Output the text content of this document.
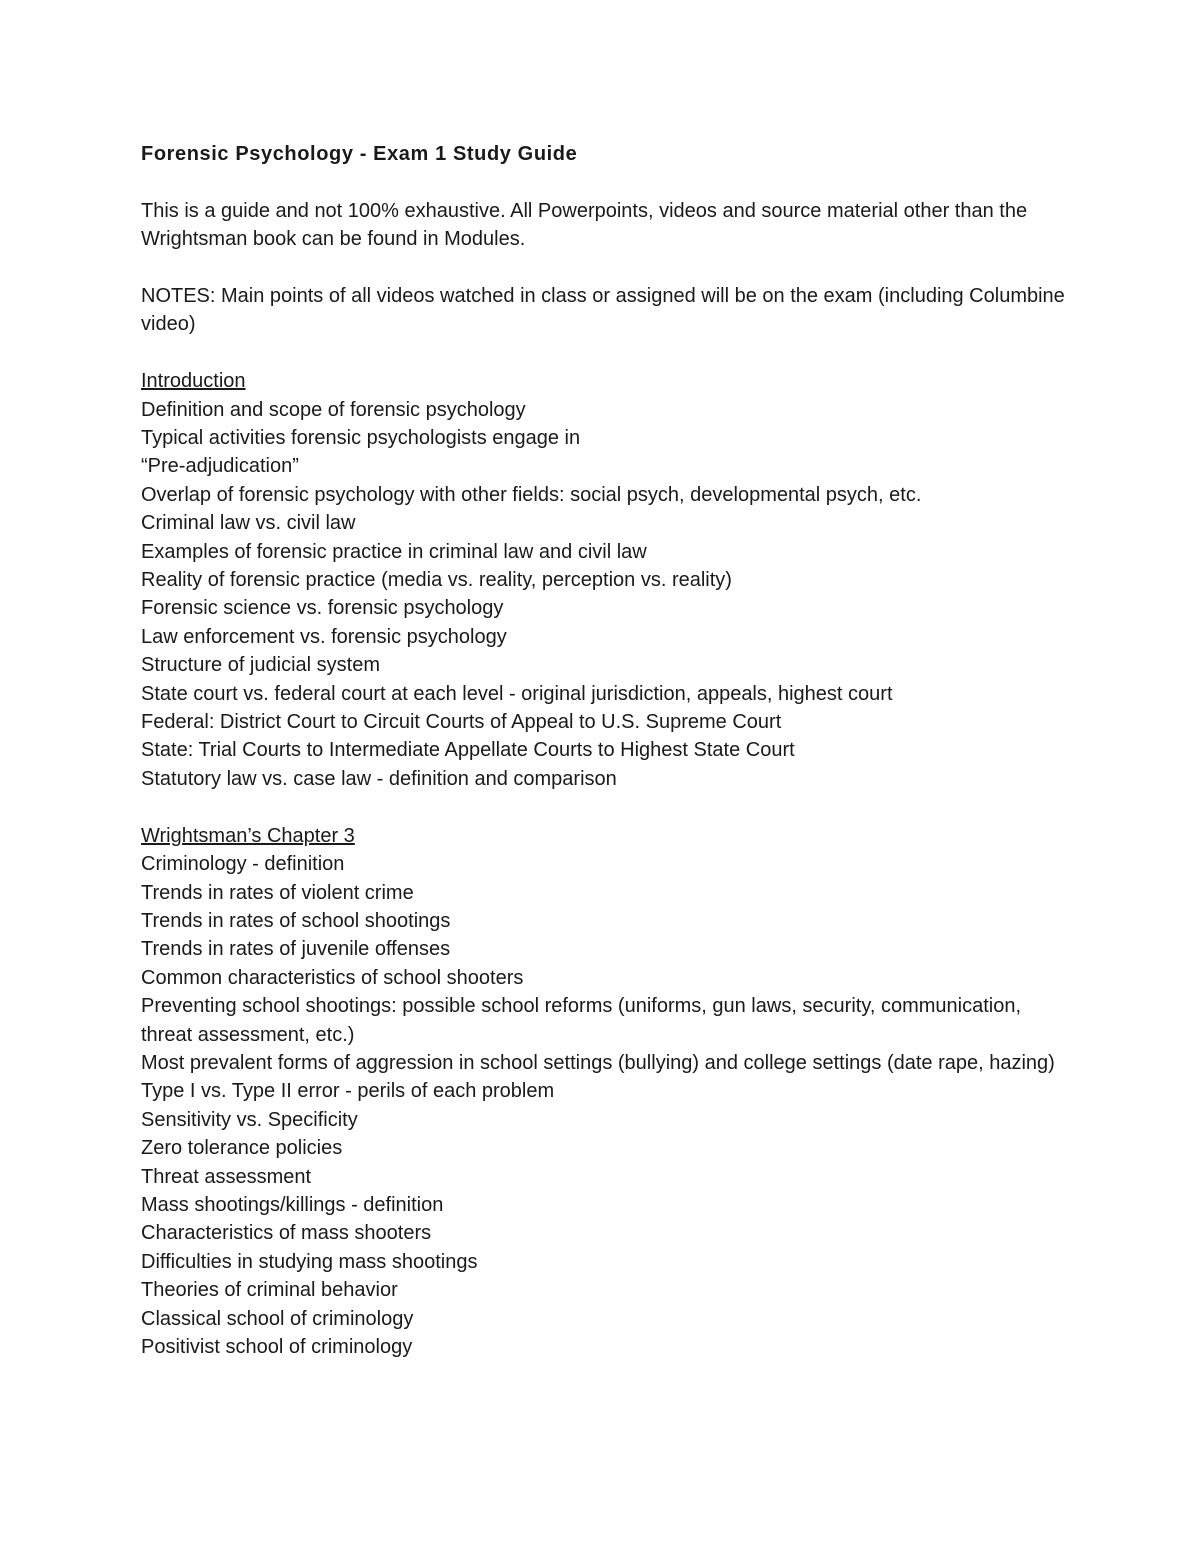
Forensic Psychology - Exam 1 Study Guide

This is a guide and not 100% exhaustive. All Powerpoints, videos and source material other than the Wrightsman book can be found in Modules.

NOTES: Main points of all videos watched in class or assigned will be on the exam (including Columbine video)

Introduction

Definition and scope of forensic psychology
Typical activities forensic psychologists engage in
“Pre-adjudication”
Overlap of forensic psychology with other fields: social psych, developmental psych, etc.
Criminal law vs. civil law
Examples of forensic practice in criminal law and civil law
Reality of forensic practice (media vs. reality, perception vs. reality)
Forensic science vs. forensic psychology
Law enforcement vs. forensic psychology
Structure of judicial system
State court vs. federal court at each level - original jurisdiction, appeals, highest court
Federal: District Court to Circuit Courts of Appeal to U.S. Supreme Court
State: Trial Courts to Intermediate Appellate Courts to Highest State Court
Statutory law vs. case law - definition and comparison

Wrightsman’s Chapter 3

Criminology - definition
Trends in rates of violent crime
Trends in rates of school shootings
Trends in rates of juvenile offenses
Common characteristics of school shooters
Preventing school shootings: possible school reforms (uniforms, gun laws, security, communication, threat assessment, etc.)
Most prevalent forms of aggression in school settings (bullying) and college settings (date rape, hazing)
Type I vs. Type II error - perils of each problem
Sensitivity vs. Specificity
Zero tolerance policies
Threat assessment
Mass shootings/killings - definition
Characteristics of mass shooters
Difficulties in studying mass shootings
Theories of criminal behavior
Classical school of criminology
Positivist school of criminology
